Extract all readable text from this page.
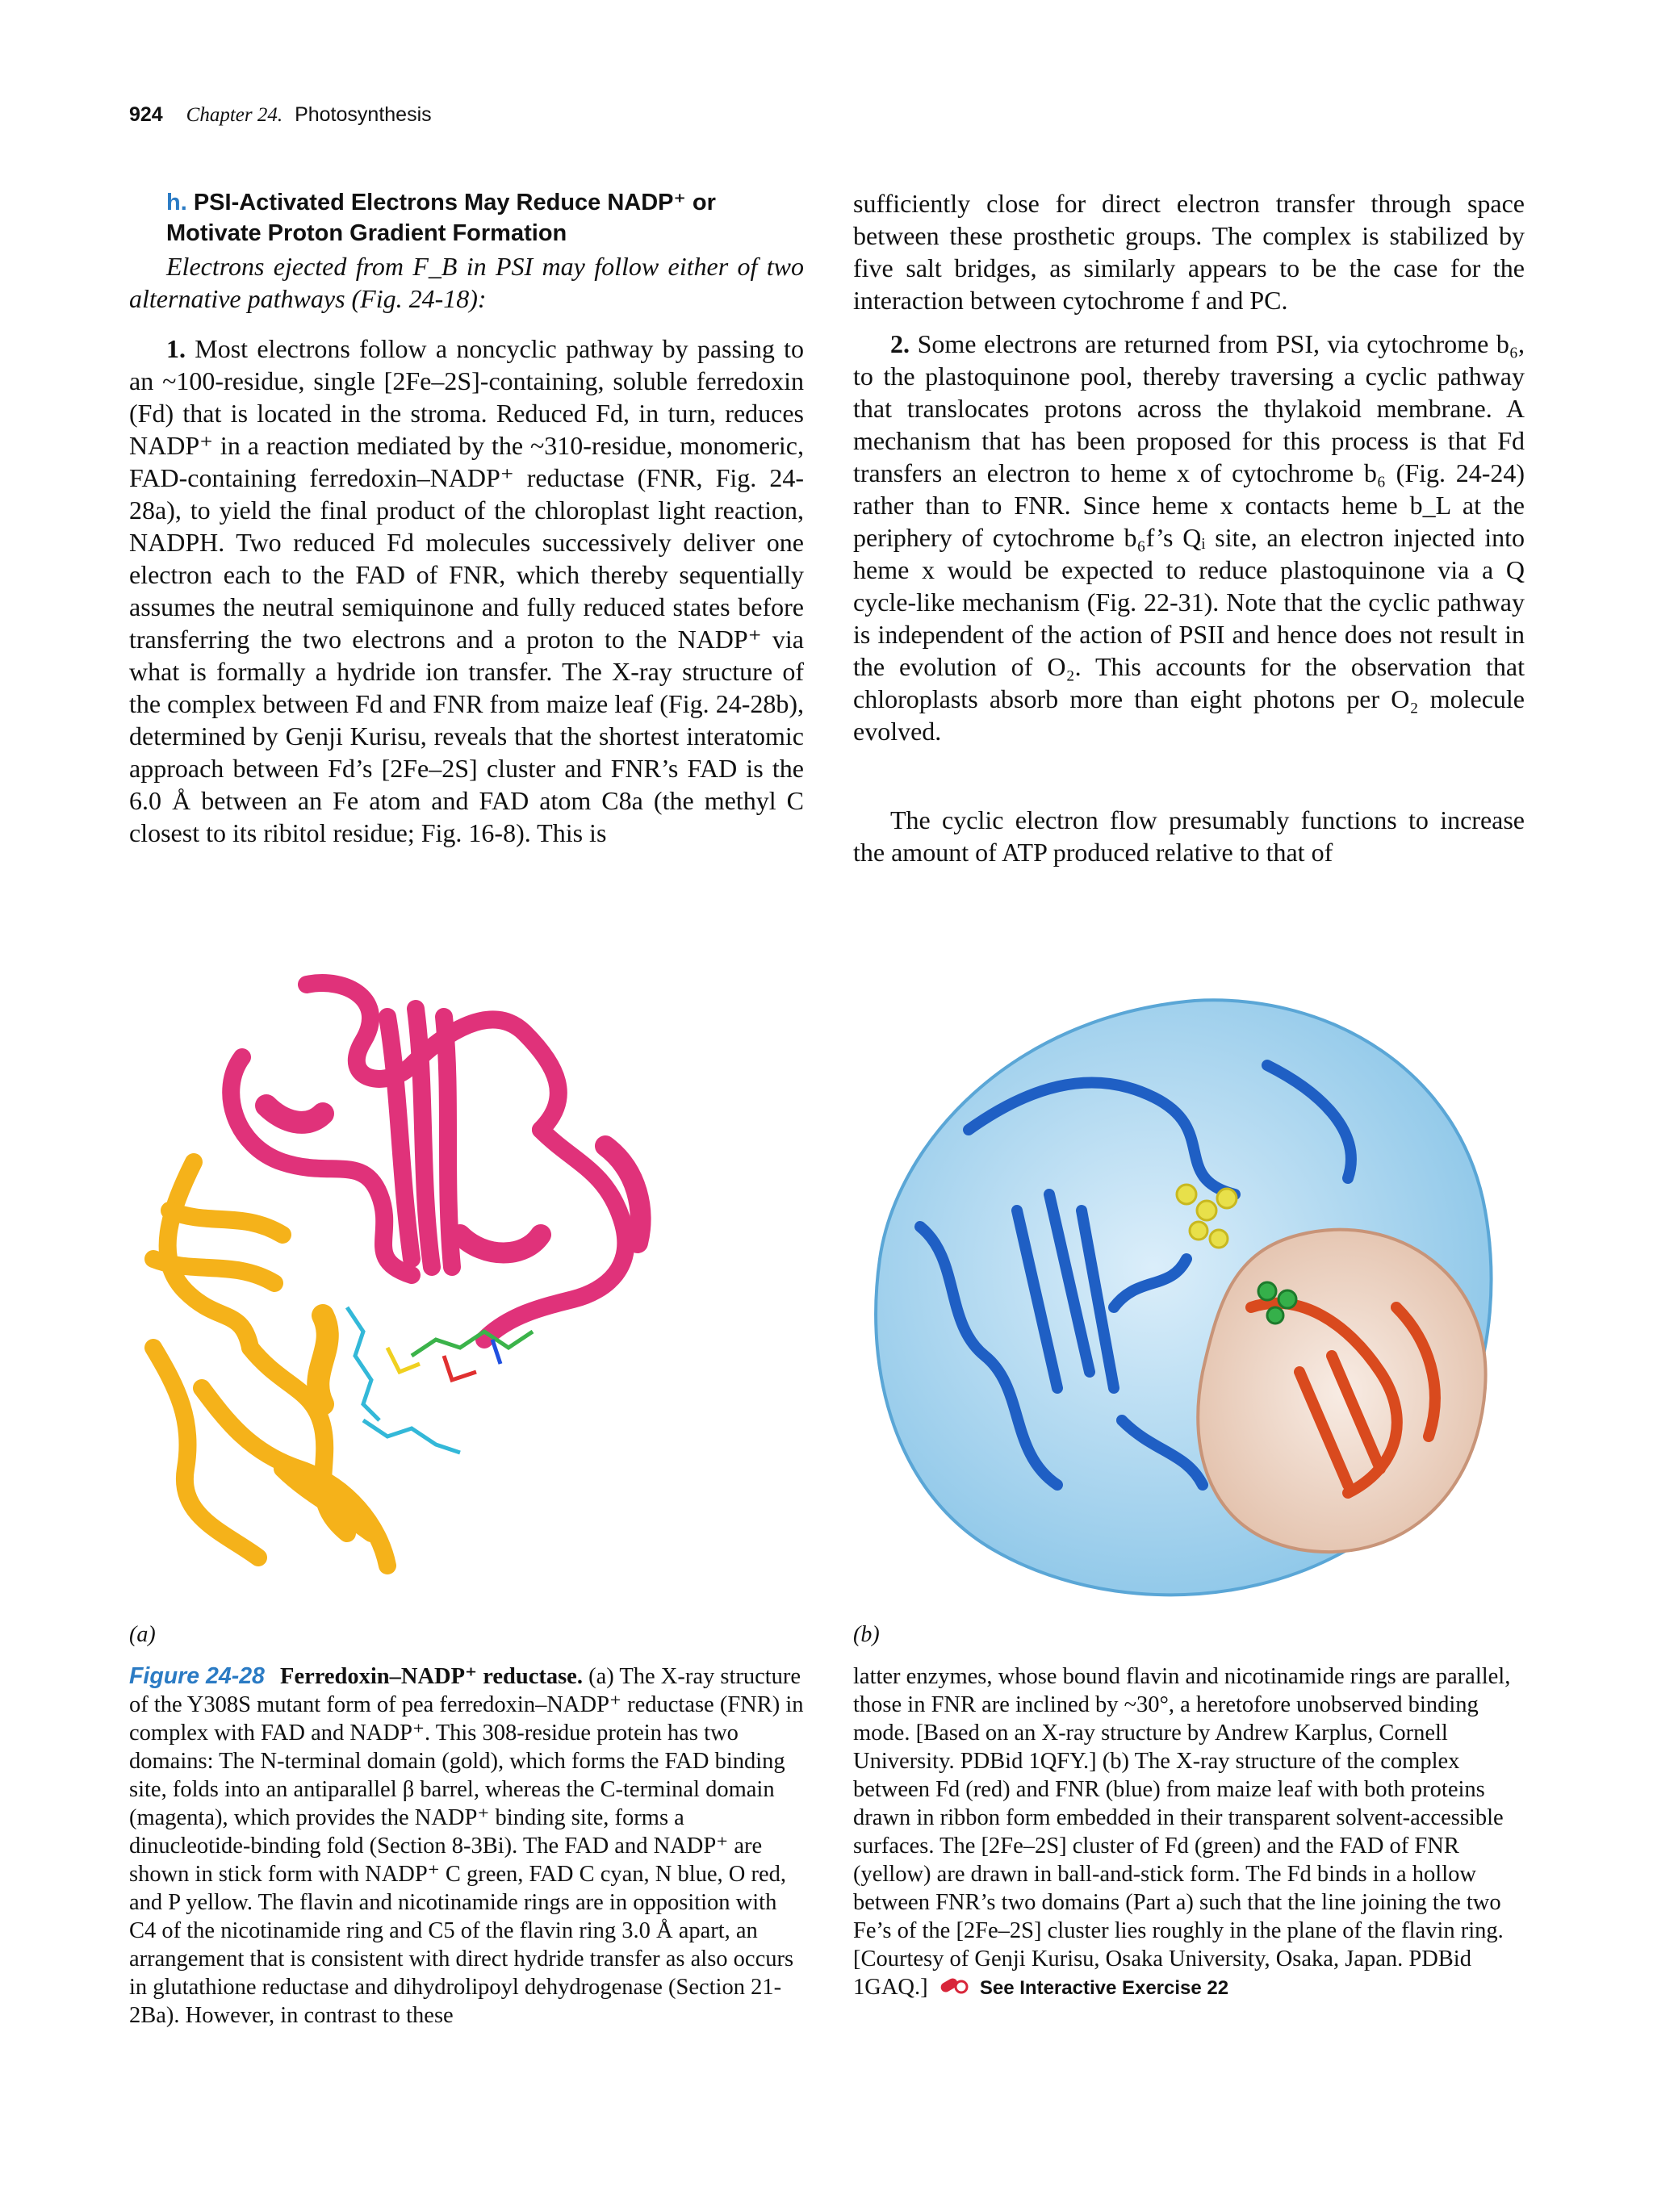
924 Chapter 24. Photosynthesis
h. PSI-Activated Electrons May Reduce NADP⁺ or
Motivate Proton Gradient Formation

Electrons ejected from F_B in PSI may follow either of two alternative pathways (Fig. 24-18):

1. Most electrons follow a noncyclic pathway by passing to an ~100-residue, single [2Fe–2S]-containing, soluble ferredoxin (Fd) that is located in the stroma. Reduced Fd, in turn, reduces NADP⁺ in a reaction mediated by the ~310-residue, monomeric, FAD-containing ferredoxin–NADP⁺ reductase (FNR, Fig. 24-28a), to yield the final product of the chloroplast light reaction, NADPH. Two reduced Fd molecules successively deliver one electron each to the FAD of FNR, which thereby sequentially assumes the neutral semiquinone and fully reduced states before transferring the two electrons and a proton to the NADP⁺ via what is formally a hydride ion transfer. The X-ray structure of the complex between Fd and FNR from maize leaf (Fig. 24-28b), determined by Genji Kurisu, reveals that the shortest interatomic approach between Fd’s [2Fe–2S] cluster and FNR’s FAD is the 6.0 Å between an Fe atom and FAD atom C8a (the methyl C closest to its ribitol residue; Fig. 16-8). This is

sufficiently close for direct electron transfer through space between these prosthetic groups. The complex is stabilized by five salt bridges, as similarly appears to be the case for the interaction between cytochrome f and PC.

2. Some electrons are returned from PSI, via cytochrome b₆, to the plastoquinone pool, thereby traversing a cyclic pathway that translocates protons across the thylakoid membrane. A mechanism that has been proposed for this process is that Fd transfers an electron to heme x of cytochrome b₆ (Fig. 24-24) rather than to FNR. Since heme x contacts heme b_L at the periphery of cytochrome b₆f’s Qᵢ site, an electron injected into heme x would be expected to reduce plastoquinone via a Q cycle-like mechanism (Fig. 22-31). Note that the cyclic pathway is independent of the action of PSII and hence does not result in the evolution of O₂. This accounts for the observation that chloroplasts absorb more than eight photons per O₂ molecule evolved.

The cyclic electron flow presumably functions to increase the amount of ATP produced relative to that of

(a)	(b)

Figure 24-28 Ferredoxin–NADP⁺ reductase. (a) The X-ray structure of the Y308S mutant form of pea ferredoxin–NADP⁺ reductase (FNR) in complex with FAD and NADP⁺. This 308-residue protein has two domains: The N-terminal domain (gold), which forms the FAD binding site, folds into an antiparallel β barrel, whereas the C-terminal domain (magenta), which provides the NADP⁺ binding site, forms a dinucleotide-binding fold (Section 8-3Bi). The FAD and NADP⁺ are shown in stick form with NADP⁺ C green, FAD C cyan, N blue, O red, and P yellow. The flavin and nicotinamide rings are in opposition with C4 of the nicotinamide ring and C5 of the flavin ring 3.0 Å apart, an arrangement that is consistent with direct hydride transfer as also occurs in glutathione reductase and dihydrolipoyl dehydrogenase (Section 21-2Ba). However, in contrast to these

latter enzymes, whose bound flavin and nicotinamide rings are parallel, those in FNR are inclined by ~30°, a heretofore unobserved binding mode. [Based on an X-ray structure by Andrew Karplus, Cornell University. PDBid 1QFY.] (b) The X-ray structure of the complex between Fd (red) and FNR (blue) from maize leaf with both proteins drawn in ribbon form embedded in their transparent solvent-accessible surfaces. The [2Fe–2S] cluster of Fd (green) and the FAD of FNR (yellow) are drawn in ball-and-stick form. The Fd binds in a hollow between FNR’s two domains (Part a) such that the line joining the two Fe’s of the [2Fe–2S] cluster lies roughly in the plane of the flavin ring. [Courtesy of Genji Kurisu, Osaka University, Osaka, Japan. PDBid 1GAQ.]	See Interactive Exercise 22
